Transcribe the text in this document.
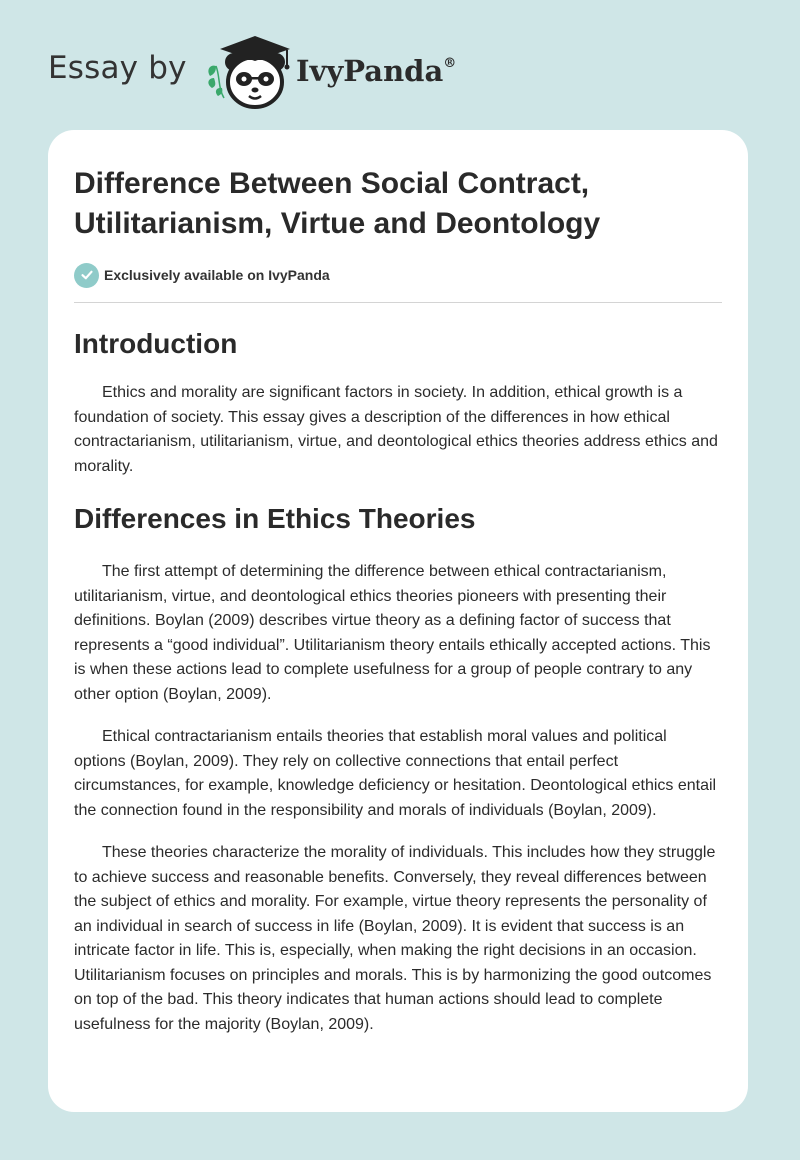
Essay by	IvyPanda®
Difference Between Social Contract, Utilitarianism, Virtue and Deontology
Exclusively available on IvyPanda
Introduction

Ethics and morality are significant factors in society. In addition, ethical growth is a foundation of society. This essay gives a description of the differences in how ethical contractarianism, utilitarianism, virtue, and deontological ethics theories address ethics and morality.

Differences in Ethics Theories

The first attempt of determining the difference between ethical contractarianism, utilitarianism, virtue, and deontological ethics theories pioneers with presenting their definitions. Boylan (2009) describes virtue theory as a defining factor of success that represents a “good individual”. Utilitarianism theory entails ethically accepted actions. This is when these actions lead to complete usefulness for a group of people contrary to any other option (Boylan, 2009).

Ethical contractarianism entails theories that establish moral values and political options (Boylan, 2009). They rely on collective connections that entail perfect circumstances, for example, knowledge deficiency or hesitation. Deontological ethics entail the connection found in the responsibility and morals of individuals (Boylan, 2009).

These theories characterize the morality of individuals. This includes how they struggle to achieve success and reasonable benefits. Conversely, they reveal differences between the subject of ethics and morality. For example, virtue theory represents the personality of an individual in search of success in life (Boylan, 2009). It is evident that success is an intricate factor in life. This is, especially, when making the right decisions in an occasion. Utilitarianism focuses on principles and morals. This is by harmonizing the good outcomes on top of the bad. This theory indicates that human actions should lead to complete usefulness for the majority (Boylan, 2009).
